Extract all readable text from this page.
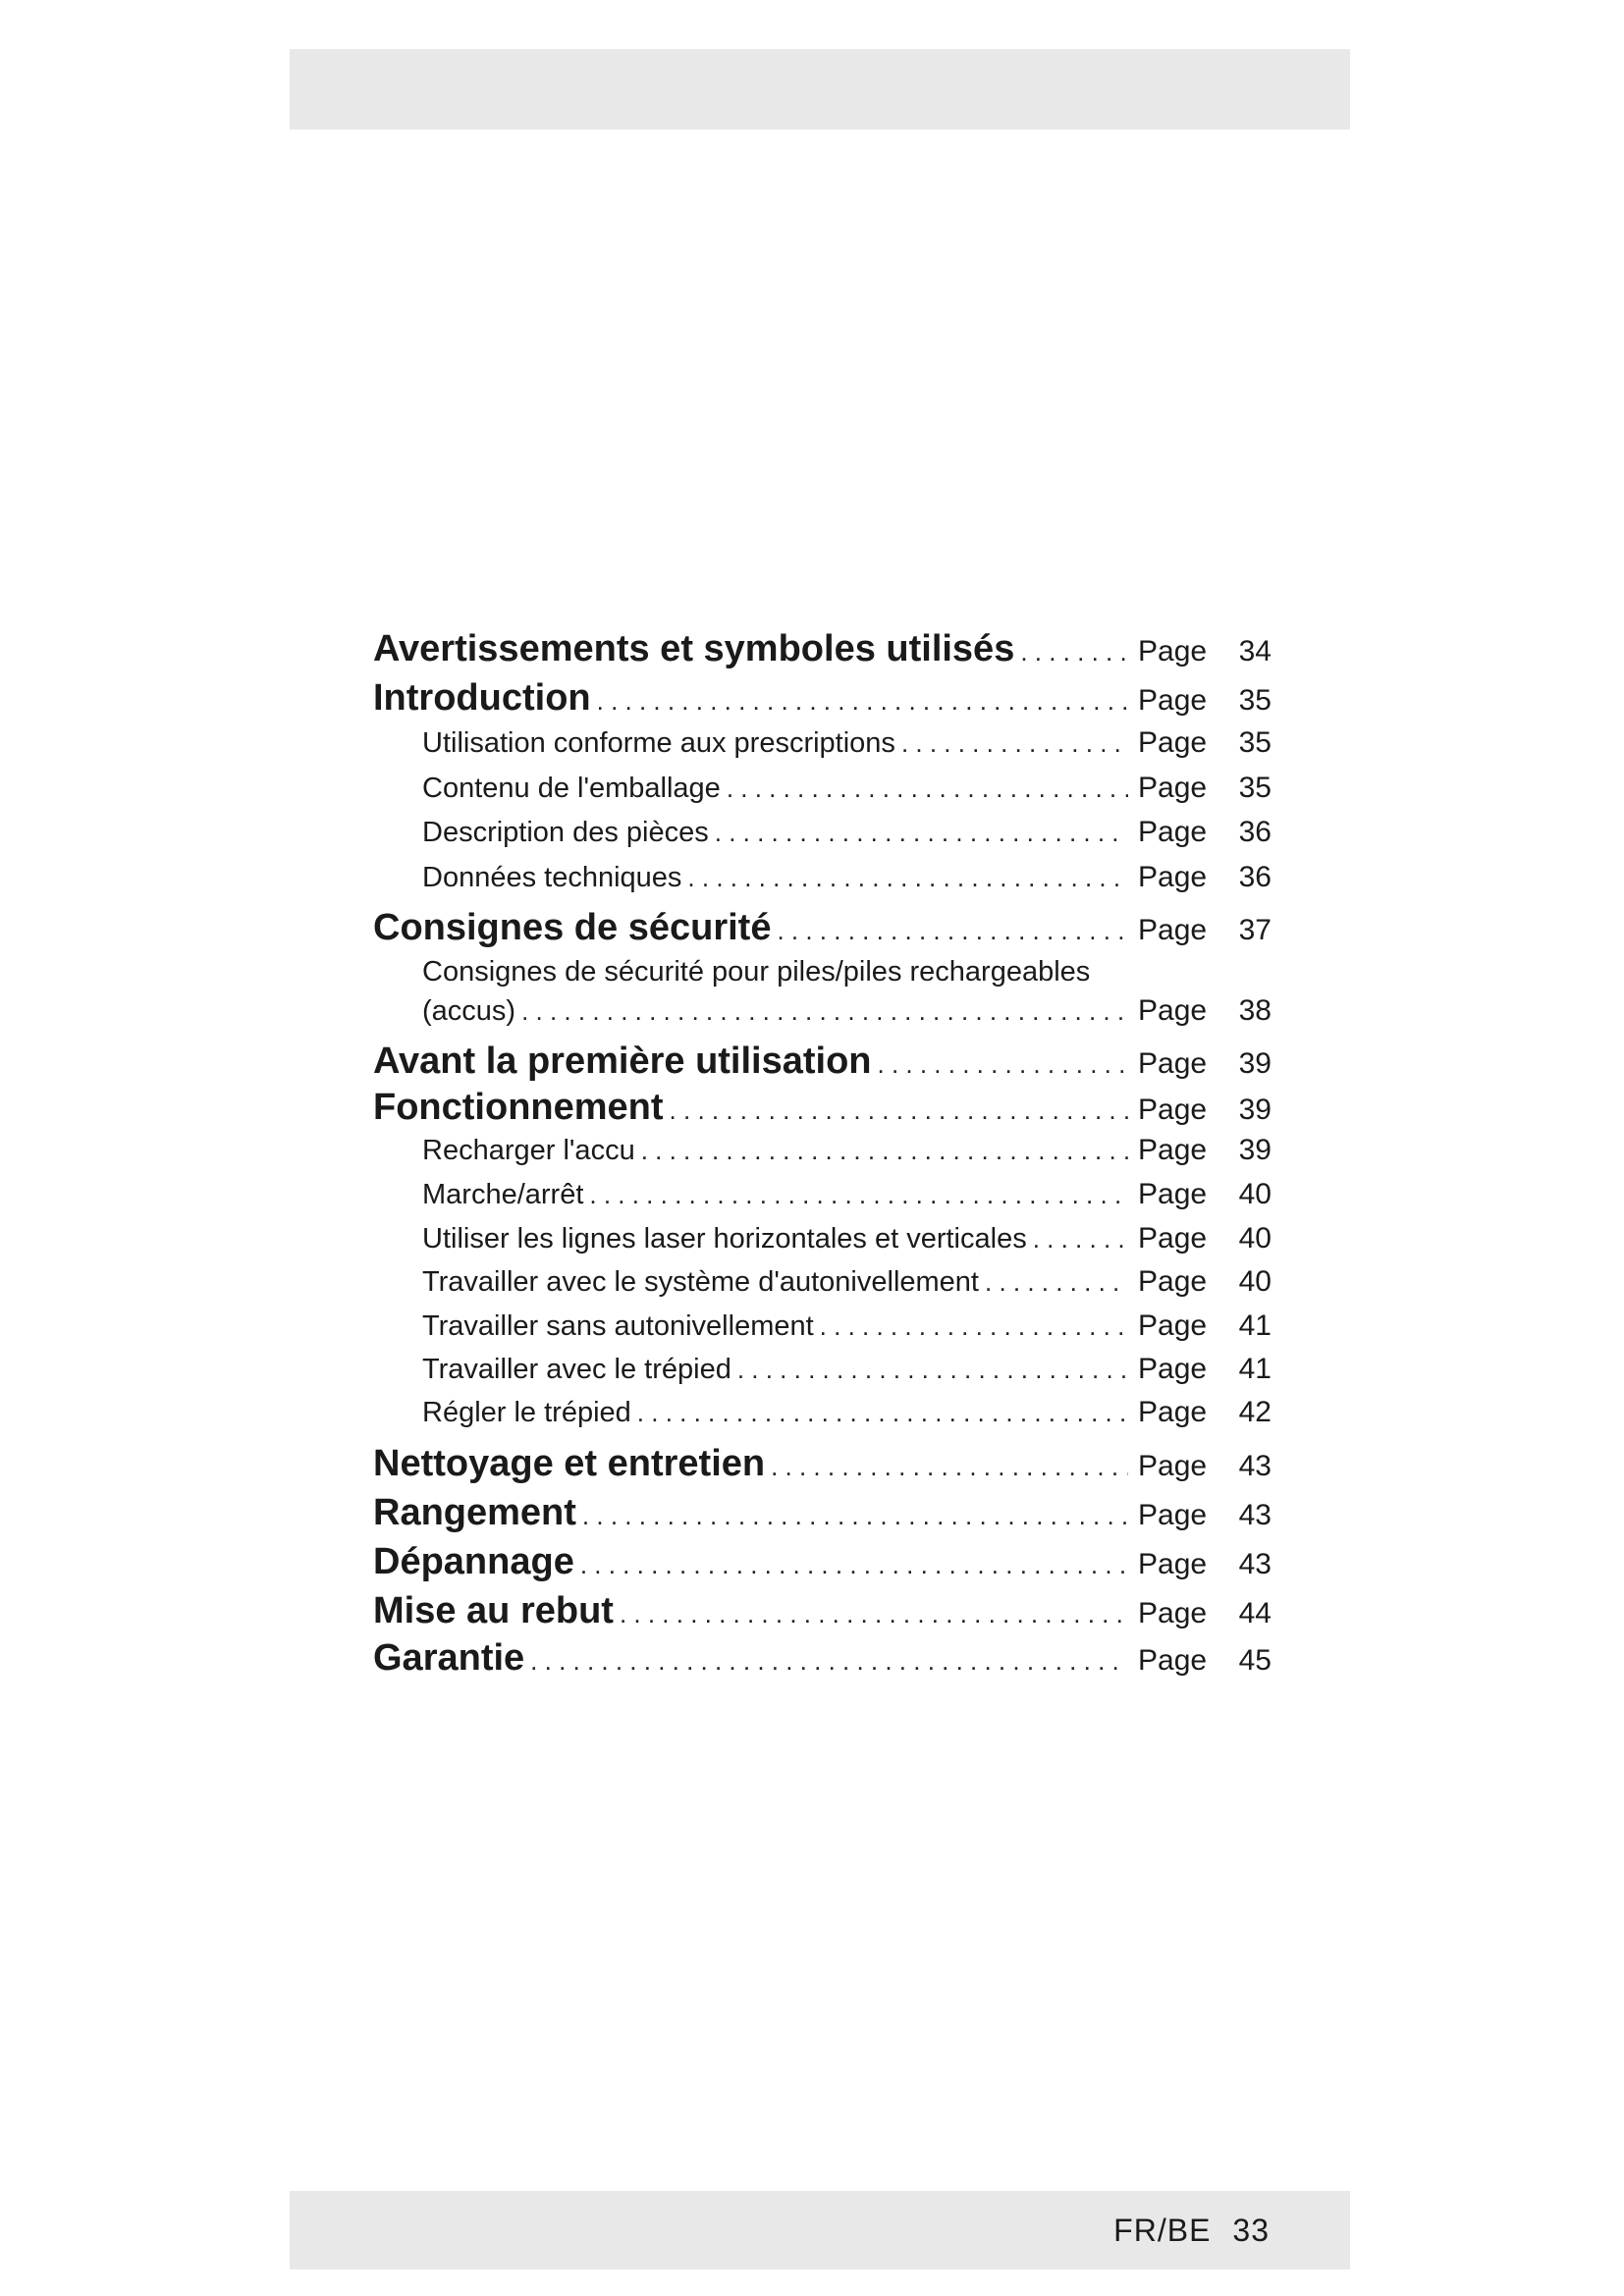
Avertissements et symboles utilisés . . .	Page 34
Introduction . . .	Page 35
Utilisation conforme aux prescriptions . . .	Page 35
Contenu de l'emballage . . .	Page 35
Description des pièces . . .	Page 36
Données techniques . . .	Page 36
Consignes de sécurité . . .	Page 37
Consignes de sécurité pour piles/piles rechargeables
(accus) . . .	Page 38
Avant la première utilisation . . .	Page 39
Fonctionnement . . .	Page 39
Recharger l'accu . . .	Page 39
Marche/arrêt . . .	Page 40
Utiliser les lignes laser horizontales et verticales . . .	Page 40
Travailler avec le système d'autonivellement . . .	Page 40
Travailler sans autonivellement . . .	Page 41
Travailler avec le trépied . . .	Page 41
Régler le trépied . . .	Page 42
Nettoyage et entretien . . .	Page 43
Rangement . . .	Page 43
Dépannage . . .	Page 43
Mise au rebut . . .	Page 44
Garantie . . .	Page 45
FR/BE 33
